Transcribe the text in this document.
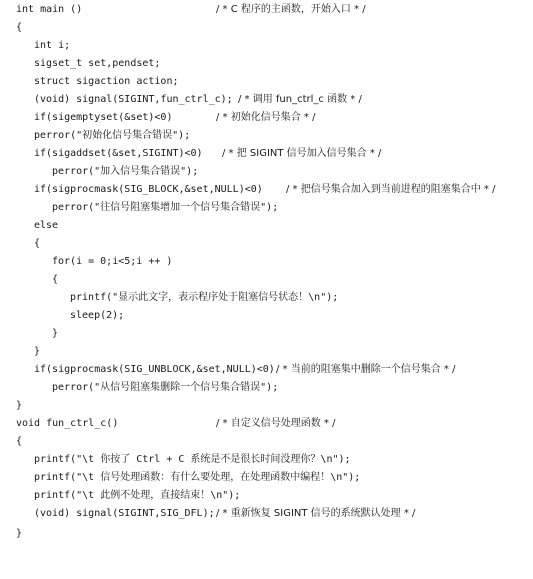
int main ()

	/ * C 程序的主函数，开始入口 * /

{

int i;

sigset_t set,pendset;

struct sigaction action;

(void) signal(SIGINT,fun_ctrl_c);

/ * 调用 fun_ctrl_c 函数 * /

if(sigemptyset(&set)<0)

	/ * 初始化信号集合 * /

perror("初始化信号集合错误");

if(sigaddset(&set,SIGINT)<0)

/ * 把 SIGINT 信号加入信号集合 * /

perror("加入信号集合错误");

if(sigprocmask(SIG_BLOCK,&set,NULL)<0)

/ * 把信号集合加入到当前进程的阻塞集合中 * /

perror("往信号阻塞集增加一个信号集合错误");

else

{

for(i = 0;i<5;i ++ )

{

printf("显示此文字，表示程序处于阻塞信号状态！\n");

sleep(2);

}

}

if(sigprocmask(SIG_UNBLOCK,&set,NULL)<0)

/ * 当前的阻塞集中删除一个信号集合 * /

perror("从信号阻塞集删除一个信号集合错误");

}

void fun_ctrl_c()

	/ * 自定义信号处理函数 * /

{

printf("\t 你按了 Ctrl + C 系统是不是很长时间没理你？\n");

printf("\t 信号处理函数：有什么要处理，在处理函数中编程！\n");

printf("\t 此例不处理，直接结束！\n");

(void) signal(SIGINT,SIG_DFL);

/ * 重新恢复 SIGINT 信号的系统默认处理 * /

}
